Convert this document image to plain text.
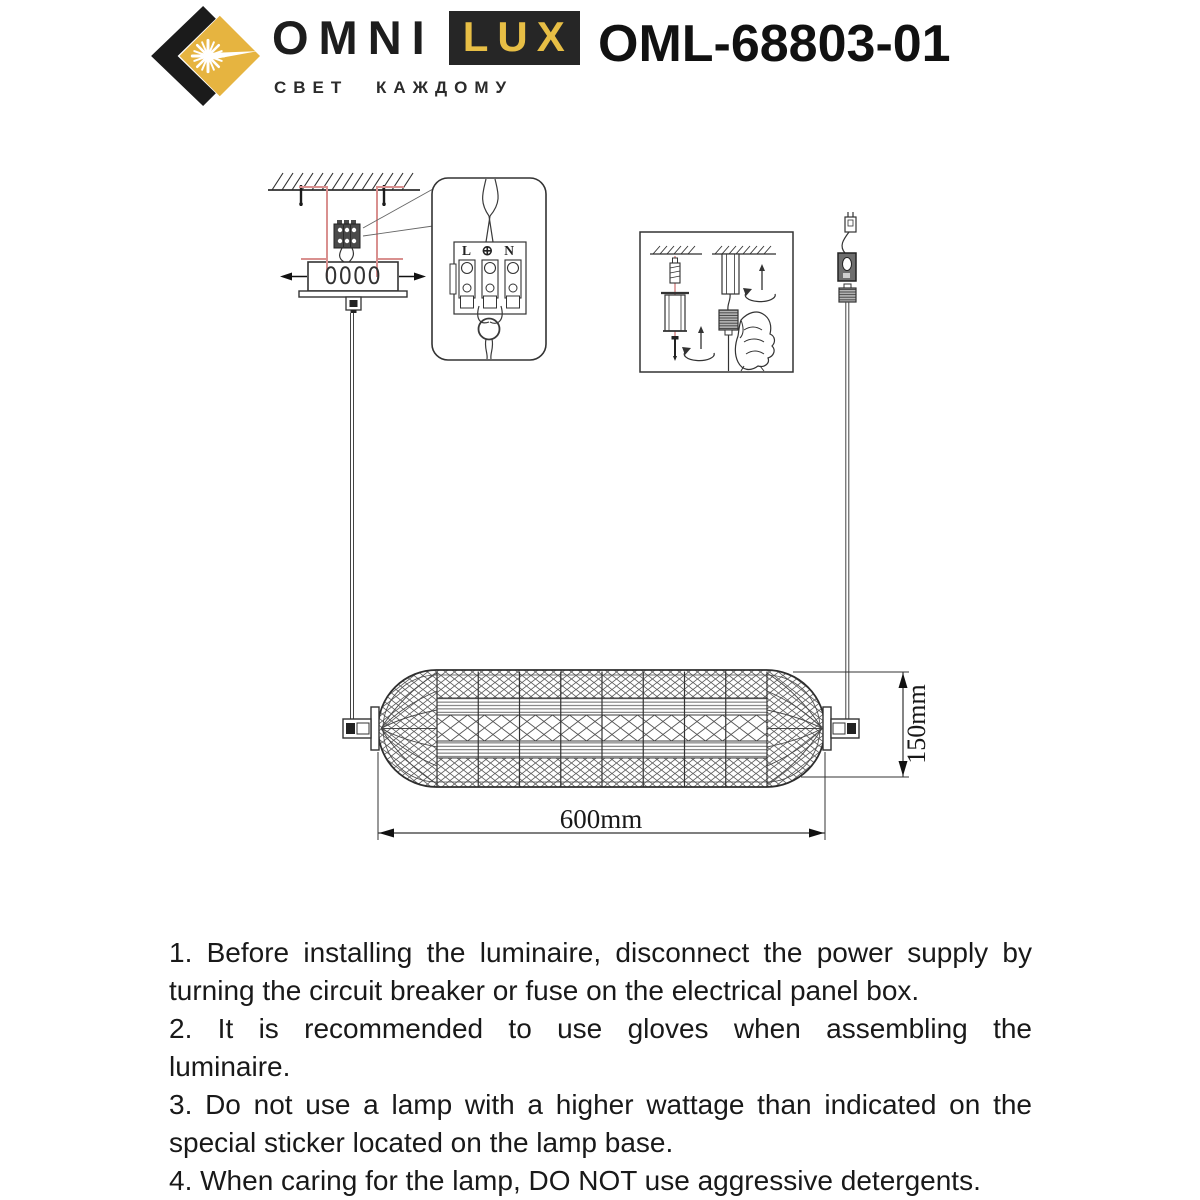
OMNI LUX
СВЕТ КАЖДОМУ
OML-68803-01
L ⊕ N
0000
600mm
150mm
1. Before installing the luminaire, disconnect the power supply by
turning the circuit breaker or fuse on the electrical panel box.
2. It is recommended to use gloves when assembling the
luminaire.
3. Do not use a lamp with a higher wattage than indicated on the
special sticker located on the lamp base.
4. When caring for the lamp, DO NOT use aggressive detergents.
